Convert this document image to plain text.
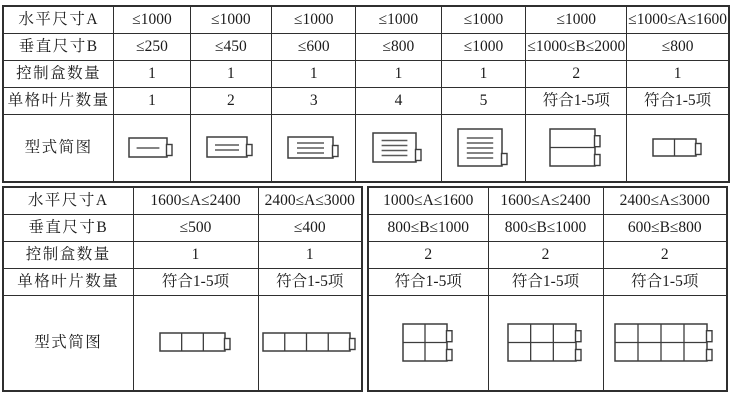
水平尺寸A	≤1000	≤1000	≤1000	≤1000	≤1000	≤1000	≤1000≤A≤1600
垂直尺寸B	≤250	≤450	≤600	≤800	≤1000	≤1000≤B≤2000	≤800
控制盒数量	1	1	1	1	1	2	1
单格叶片数量	1	2	3	4	5	符合1-5项	符合1-5项
型式简图	

水平尺寸A	1600≤A≤2400	2400≤A≤3000
垂直尺寸B	≤500	≤400
控制盒数量	1	1
单格叶片数量	符合1-5项	符合1-5项
型式简图	

1000≤A≤1600	1600≤A≤2400	2400≤A≤3000
800≤B≤1000	800≤B≤1000	600≤B≤800
2	2	2
符合1-5项	符合1-5项	符合1-5项
